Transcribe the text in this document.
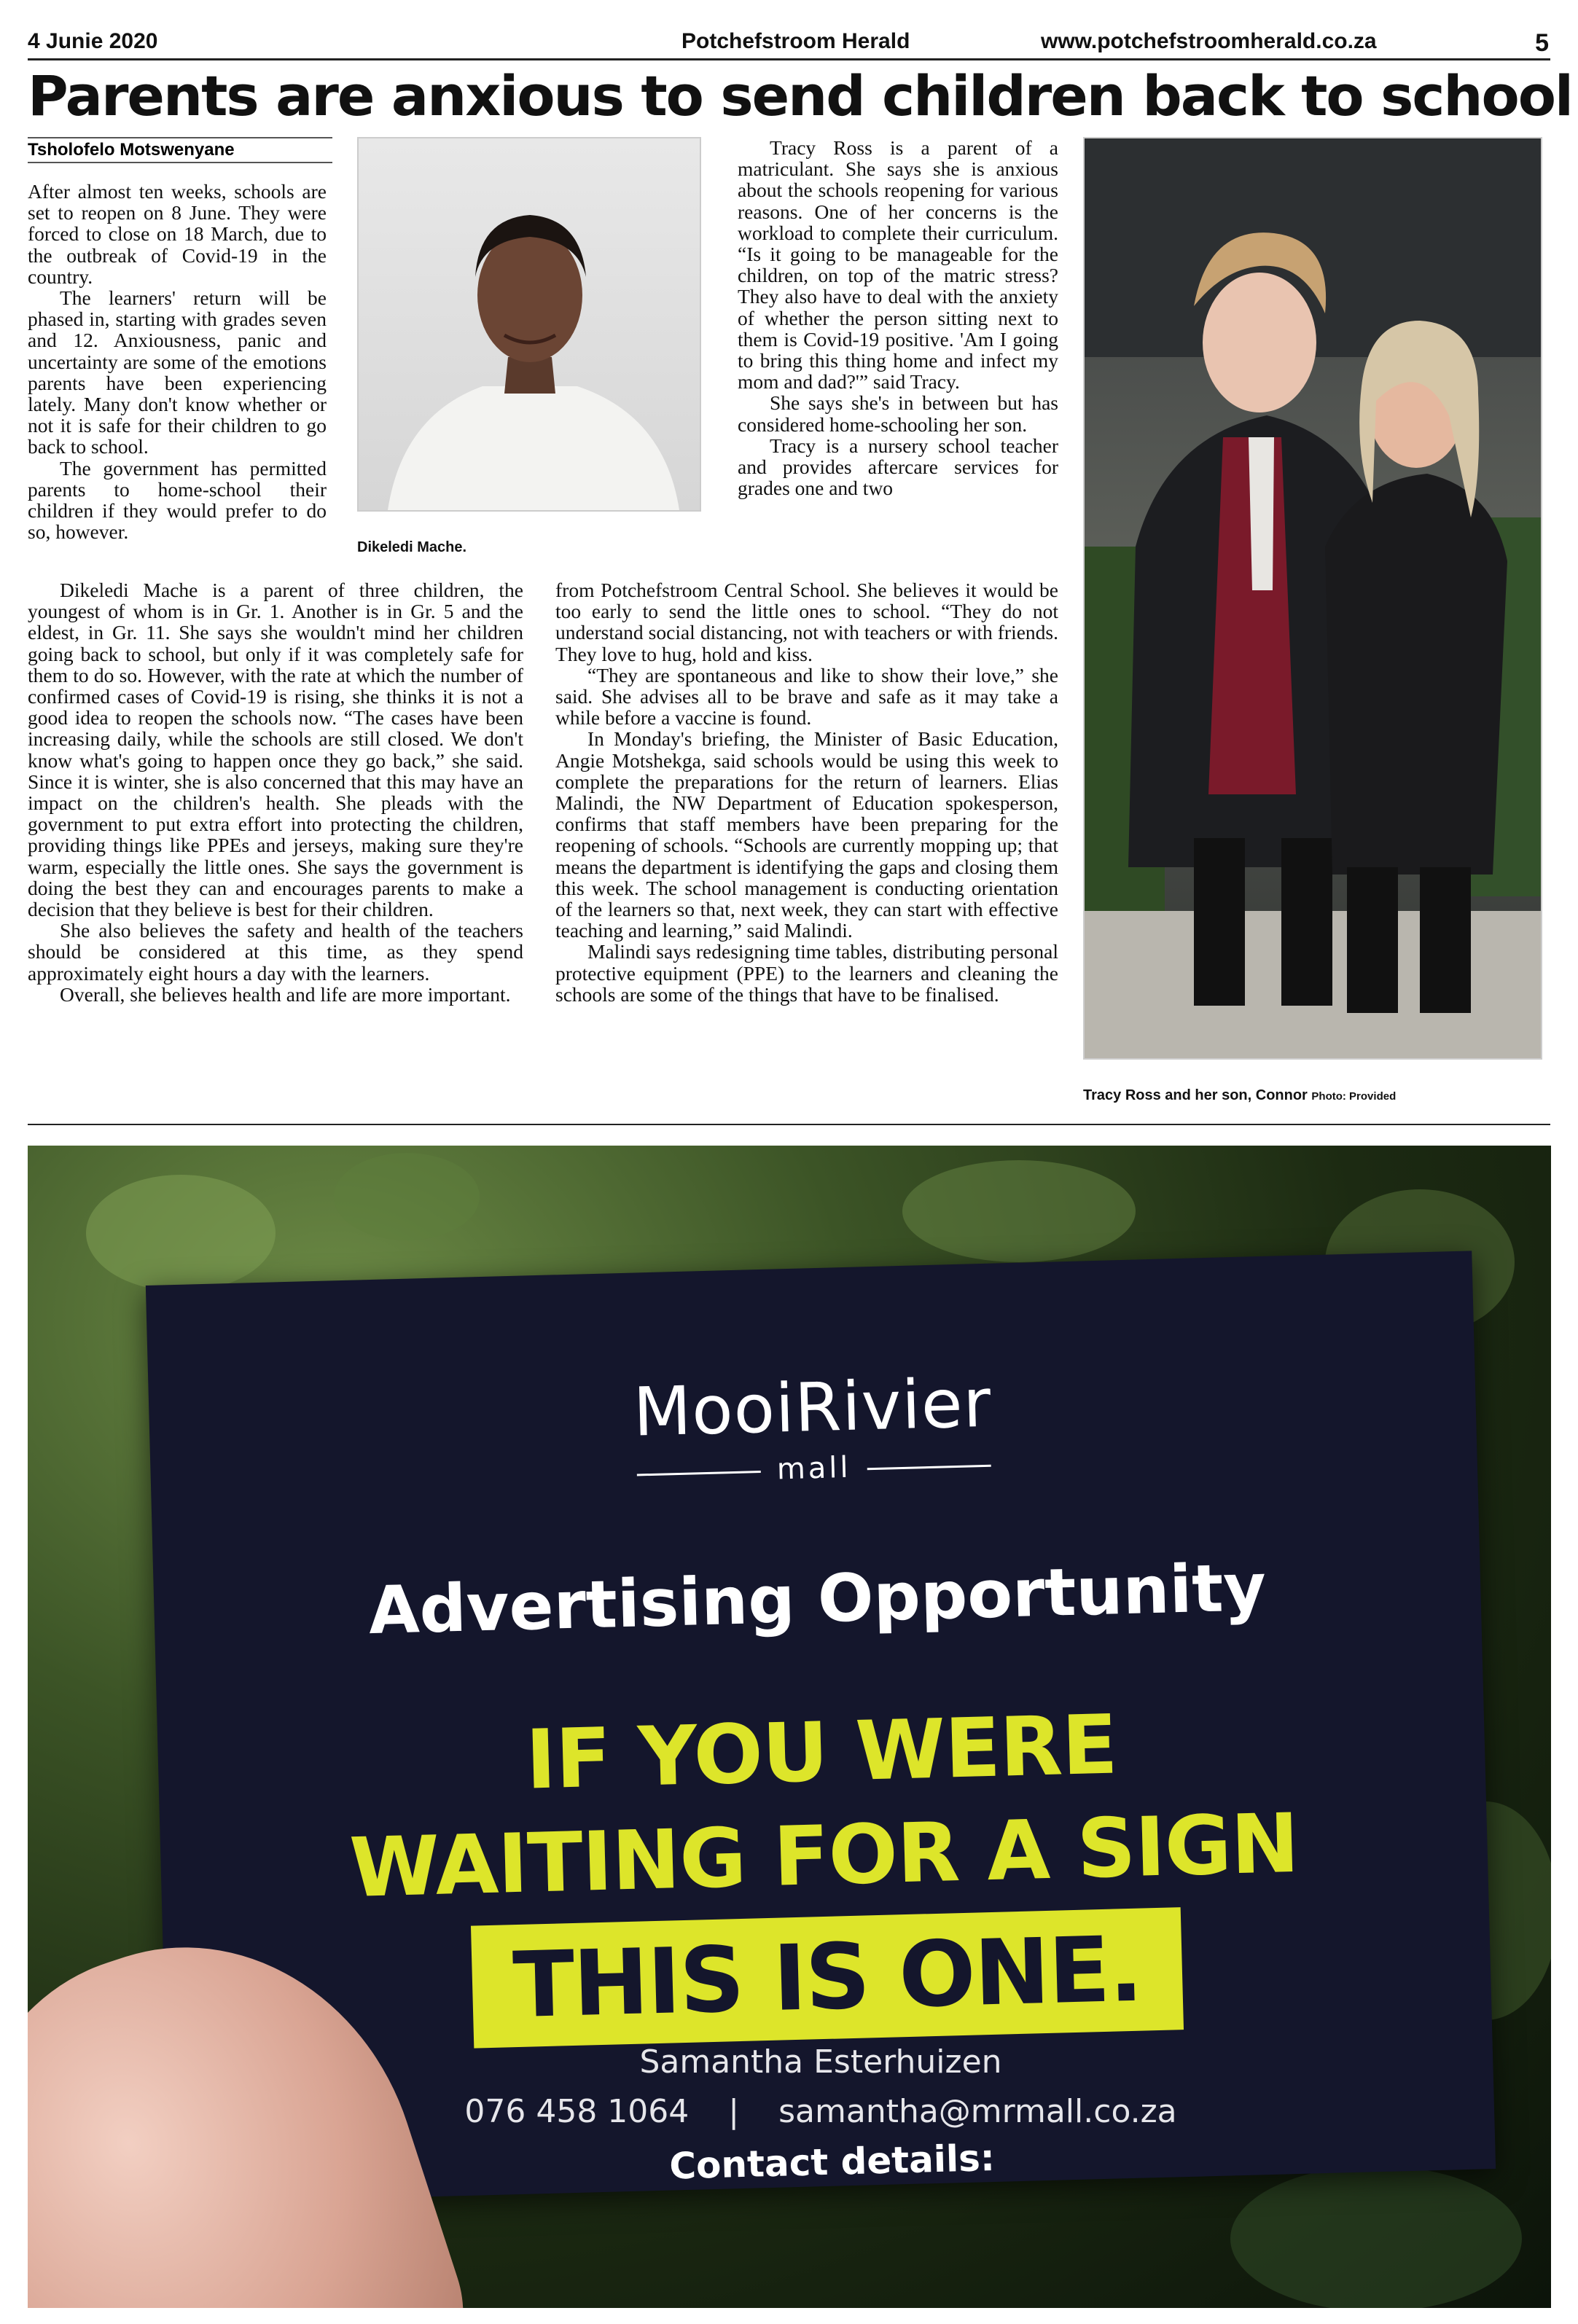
4 Junie 2020	Potchefstroom Herald	www.potchefstroomherald.co.za	5
Parents are anxious to send children back to school
Tsholofelo Motswenyane

After almost ten weeks, schools are set to reopen on 8 June. They were forced to close on 18 March, due to the outbreak of Covid-19 in the country.

The learners' return will be phased in, starting with grades seven and 12. Anxiousness, panic and uncertainty are some of the emotions parents have been experiencing lately. Many don't know whether or not it is safe for their children to go back to school.

The government has permitted parents to home-school their children if they would prefer to do so, however.

Dikeledi Mache.

Dikeledi Mache is a parent of three children, the youngest of whom is in Gr. 1. Another is in Gr. 5 and the eldest, in Gr. 11. She says she wouldn't mind her children going back to school, but only if it was completely safe for them to do so. However, with the rate at which the number of confirmed cases of Covid-19 is rising, she thinks it is not a good idea to reopen the schools now. “The cases have been increasing daily, while the schools are still closed. We don't know what's going to happen once they go back,” she said. Since it is winter, she is also concerned that this may have an impact on the children's health. She pleads with the government to put extra effort into protecting the children, providing things like PPEs and jerseys, making sure they're warm, especially the little ones. She says the government is doing the best they can and encourages parents to make a decision that they believe is best for their children.

She also believes the safety and health of the teachers should be considered at this time, as they spend approximately eight hours a day with the learners.

Overall, she believes health and life are more important.

Tracy Ross is a parent of a matriculant. She says she is anxious about the schools reopening for various reasons. One of her concerns is the workload to complete their curriculum. “Is it going to be manageable for the children, on top of the matric stress? They also have to deal with the anxiety of whether the person sitting next to them is Covid-19 positive. 'Am I going to bring this thing home and infect my mom and dad?'” said Tracy.

She says she's in between but has considered home-schooling her son.

Tracy is a nursery school teacher and provides aftercare services for grades one and two

from Potchefstroom Central School. She believes it would be too early to send the little ones to school. “They do not understand social distancing, not with teachers or with friends. They love to hug, hold and kiss.

“They are spontaneous and like to show their love,” she said. She advises all to be brave and safe as it may take a while before a vaccine is found.

In Monday's briefing, the Minister of Basic Education, Angie Motshekga, said schools would be using this week to complete the preparations for the return of learners. Elias Malindi, the NW Department of Education spokesperson, confirms that staff members have been preparing for the reopening of schools. “Schools are currently mopping up; that means the department is identifying the gaps and closing them this week. The school management is conducting orientation of the learners so that, next week, they can start with effective teaching and learning,” said Malindi.

Malindi says redesigning time tables, distributing personal protective equipment (PPE) to the learners and cleaning the schools are some of the things that have to be finalised.

Tracy Ross and her son, Connor Photo: Provided
MooiRivier
mall
Advertising Opportunity
IF YOU WERE
WAITING FOR A SIGN
THIS IS ONE.
Contact details:
Samantha Esterhuizen
076 458 1064 | samantha@mrmall.co.za
